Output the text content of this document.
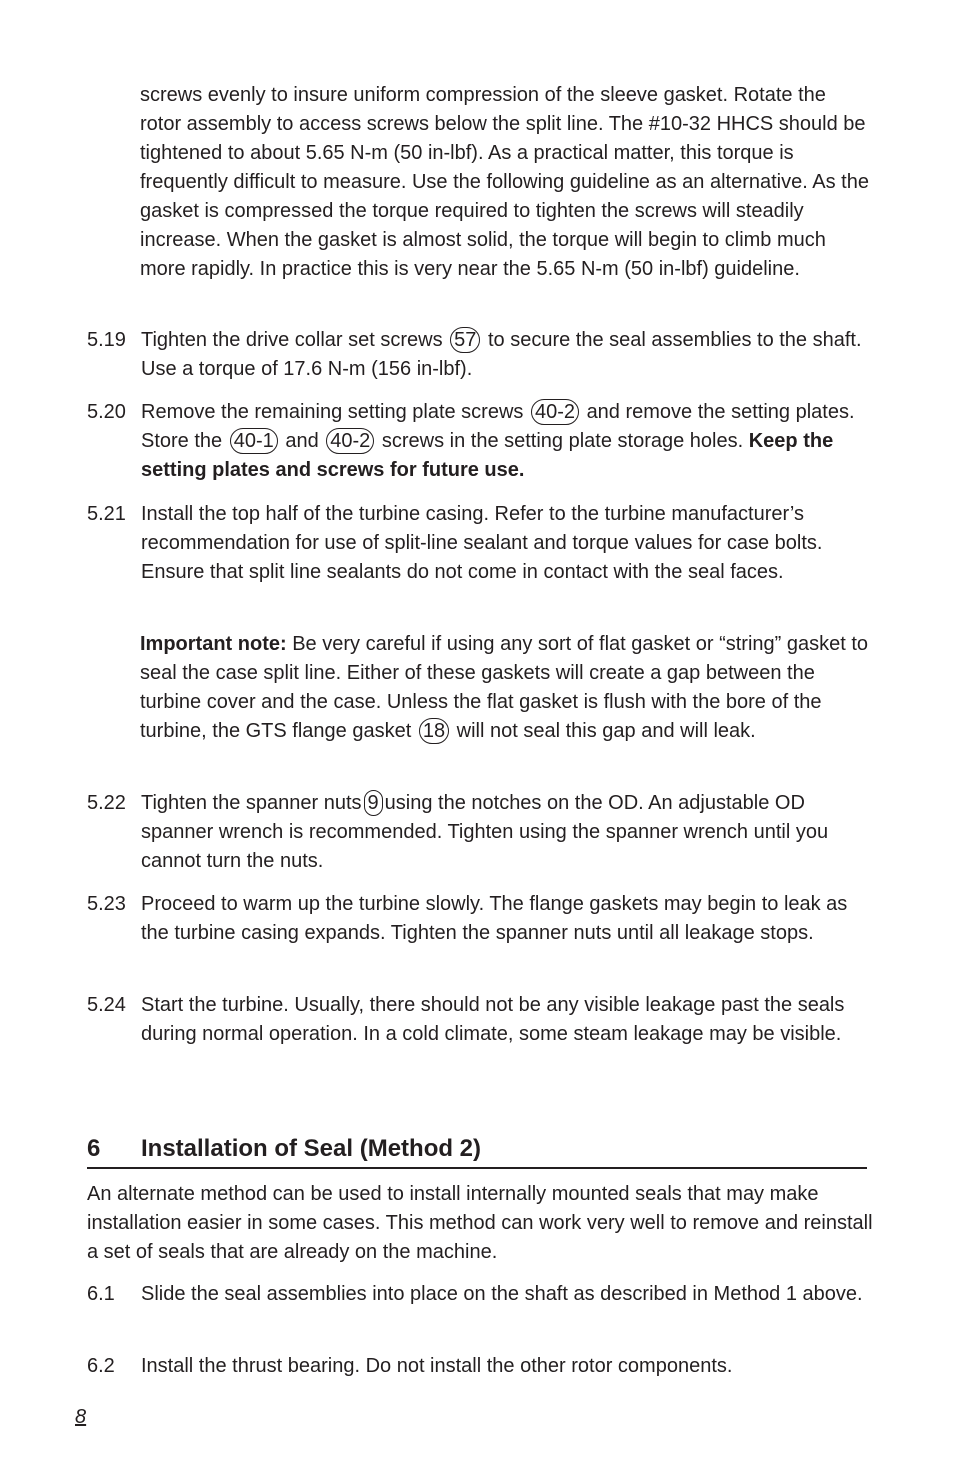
screws evenly to insure uniform compression of the sleeve gasket. Rotate the rotor assembly to access screws below the split line. The #10-32 HHCS should be tightened to about 5.65 N-m (50 in-lbf). As a practical matter, this torque is frequently difficult to measure. Use the following guideline as an alternative. As the gasket is compressed the torque required to tighten the screws will steadily increase. When the gasket is almost solid, the torque will begin to climb much more rapidly. In practice this is very near the 5.65 N-m (50 in-lbf) guideline.
5.19 Tighten the drive collar set screws 57 to secure the seal assemblies to the shaft. Use a torque of 17.6 N-m (156 in-lbf).
5.20 Remove the remaining setting plate screws 40-2 and remove the setting plates. Store the 40-1 and 40-2 screws in the setting plate storage holes. Keep the setting plates and screws for future use.
5.21 Install the top half of the turbine casing. Refer to the turbine manufacturer’s recommendation for use of split-line sealant and torque values for case bolts. Ensure that split line sealants do not come in contact with the seal faces.
Important note: Be very careful if using any sort of flat gasket or “string” gasket to seal the case split line. Either of these gaskets will create a gap between the turbine cover and the case. Unless the flat gasket is flush with the bore of the turbine, the GTS flange gasket 18 will not seal this gap and will leak.
5.22 Tighten the spanner nuts 9 using the notches on the OD. An adjustable OD spanner wrench is recommended. Tighten using the spanner wrench until you cannot turn the nuts.
5.23 Proceed to warm up the turbine slowly. The flange gaskets may begin to leak as the turbine casing expands. Tighten the spanner nuts until all leakage stops.
5.24 Start the turbine. Usually, there should not be any visible leakage past the seals during normal operation. In a cold climate, some steam leakage may be visible.
6 Installation of Seal (Method 2)
An alternate method can be used to install internally mounted seals that may make installation easier in some cases. This method can work very well to remove and reinstall a set of seals that are already on the machine.
6.1	Slide the seal assemblies into place on the shaft as described in Method 1 above.
6.2	Install the thrust bearing. Do not install the other rotor components.
8
